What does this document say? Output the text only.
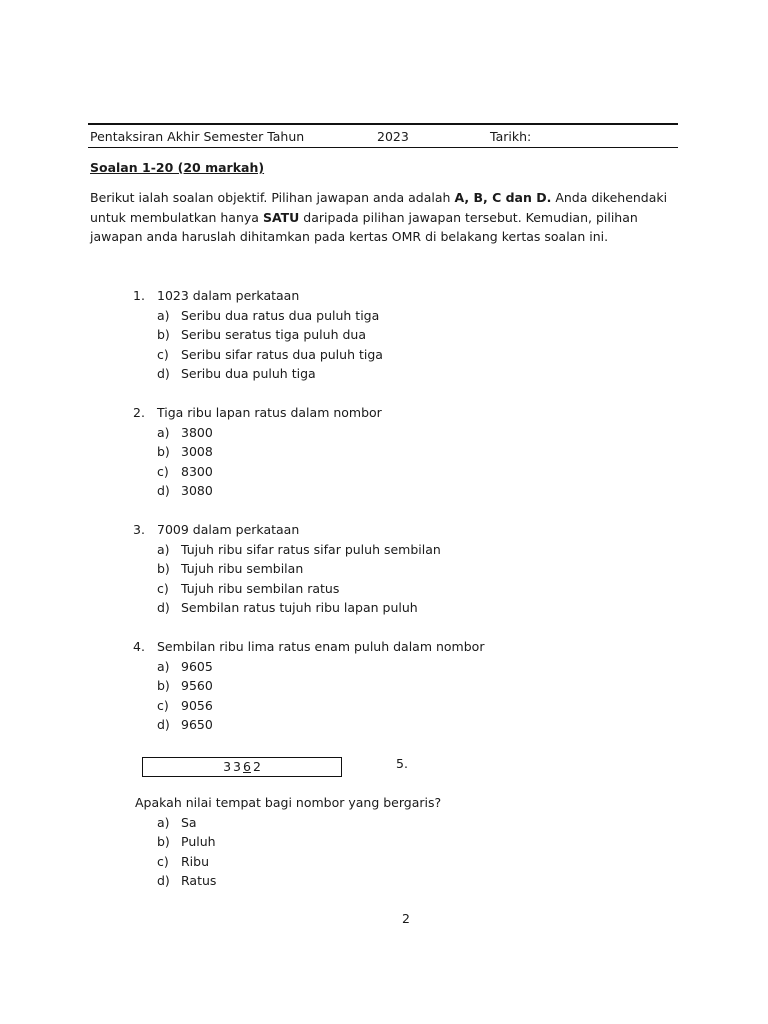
Pentaksiran Akhir Semester Tahun	2023	Tarikh:
Soalan 1-20 (20 markah)
Berikut ialah soalan objektif. Pilihan jawapan anda adalah A, B, C dan D. Anda dikehendaki untuk membulatkan hanya SATU daripada pilihan jawapan tersebut. Kemudian, pilihan jawapan anda haruslah dihitamkan pada kertas OMR di belakang kertas soalan ini.
1. 1023 dalam perkataan
a) Seribu dua ratus dua puluh tiga
b) Seribu seratus tiga puluh dua
c) Seribu sifar ratus dua puluh tiga
d) Seribu dua puluh tiga
2. Tiga ribu lapan ratus dalam nombor
a) 3800
b) 3008
c) 8300
d) 3080
3. 7009 dalam perkataan
a) Tujuh ribu sifar ratus sifar puluh sembilan
b) Tujuh ribu sembilan
c) Tujuh ribu sembilan ratus
d) Sembilan ratus tujuh ribu lapan puluh
4. Sembilan ribu lima ratus enam puluh dalam nombor
a) 9605
b) 9560
c) 9056
d) 9650
3 3 6 2	5.
Apakah nilai tempat bagi nombor yang bergaris?
a) Sa
b) Puluh
c) Ribu
d) Ratus
2
